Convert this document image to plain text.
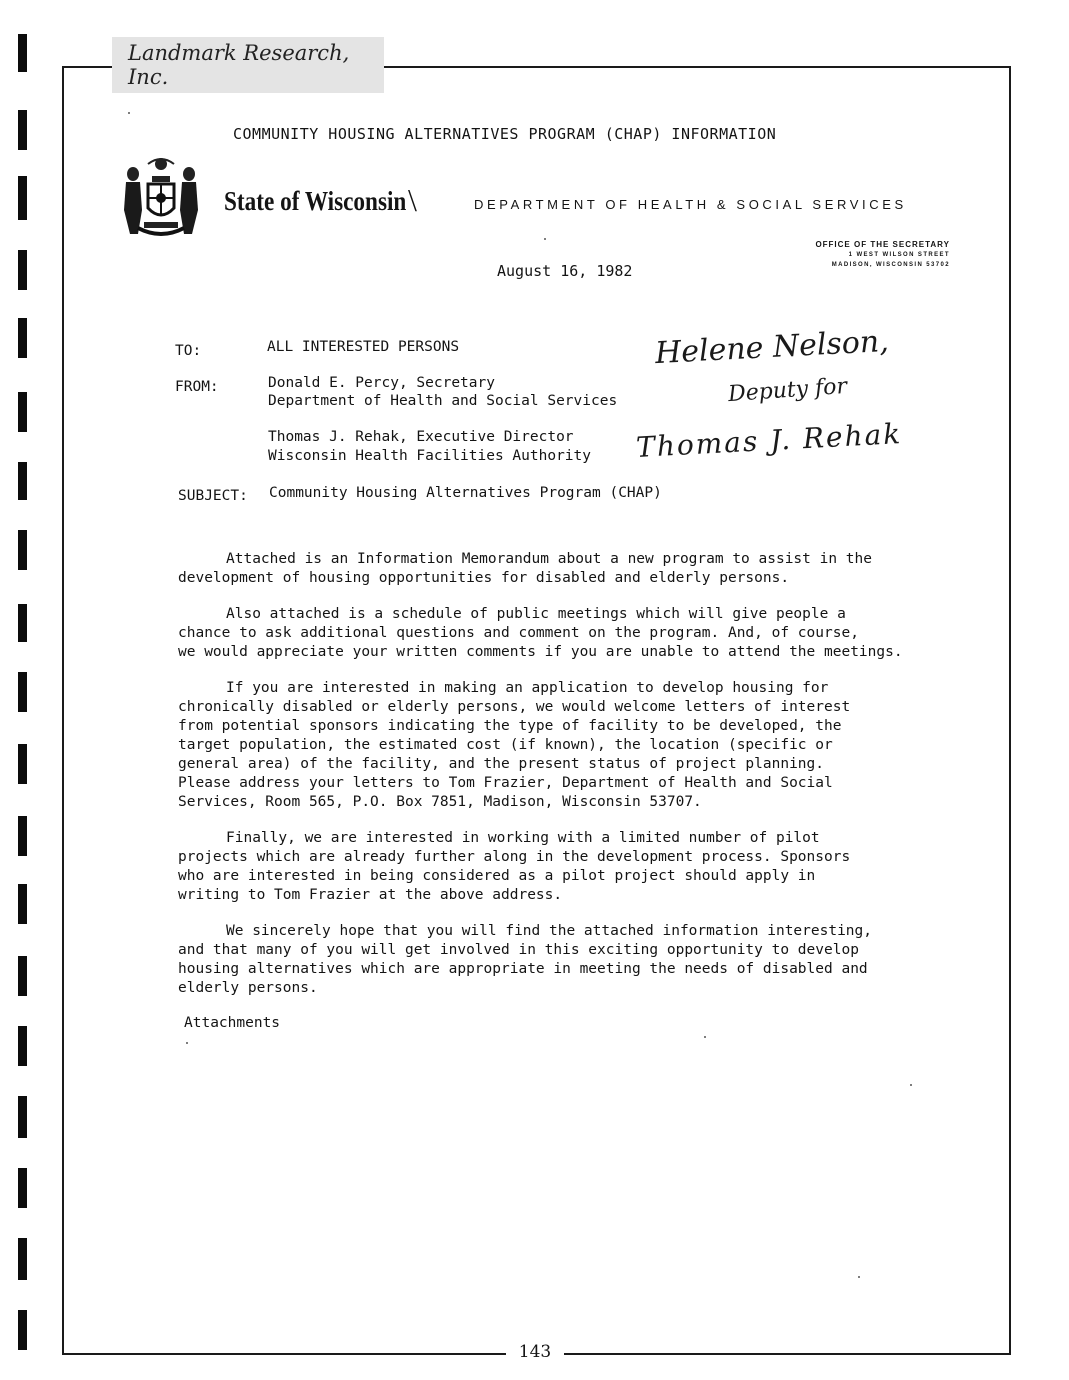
Landmark Research, Inc.
COMMUNITY HOUSING ALTERNATIVES PROGRAM (CHAP) INFORMATION
State of Wisconsin \	DEPARTMENT OF HEALTH & SOCIAL SERVICES
OFFICE OF THE SECRETARY
1 WEST WILSON STREET
MADISON, WISCONSIN 53702
August 16, 1982
TO:	ALL INTERESTED PERSONS
FROM:	Donald E. Percy, Secretary
Department of Health and Social Services
Thomas J. Rehak, Executive Director
Wisconsin Health Facilities Authority
SUBJECT: Community Housing Alternatives Program (CHAP)
Helene Nelson,
Deputy for
Thomas J. Rehak

Attached is an Information Memorandum about a new program to assist in the
development of housing opportunities for disabled and elderly persons.

Also attached is a schedule of public meetings which will give people a
chance to ask additional questions and comment on the program. And, of course,
we would appreciate your written comments if you are unable to attend the meetings.

If you are interested in making an application to develop housing for
chronically disabled or elderly persons, we would welcome letters of interest
from potential sponsors indicating the type of facility to be developed, the
target population, the estimated cost (if known), the location (specific or
general area) of the facility, and the present status of project planning.
Please address your letters to Tom Frazier, Department of Health and Social
Services, Room 565, P.O. Box 7851, Madison, Wisconsin 53707.

Finally, we are interested in working with a limited number of pilot
projects which are already further along in the development process. Sponsors
who are interested in being considered as a pilot project should apply in
writing to Tom Frazier at the above address.

We sincerely hope that you will find the attached information interesting,
and that many of you will get involved in this exciting opportunity to develop
housing alternatives which are appropriate in meeting the needs of disabled and
elderly persons.

Attachments
143
